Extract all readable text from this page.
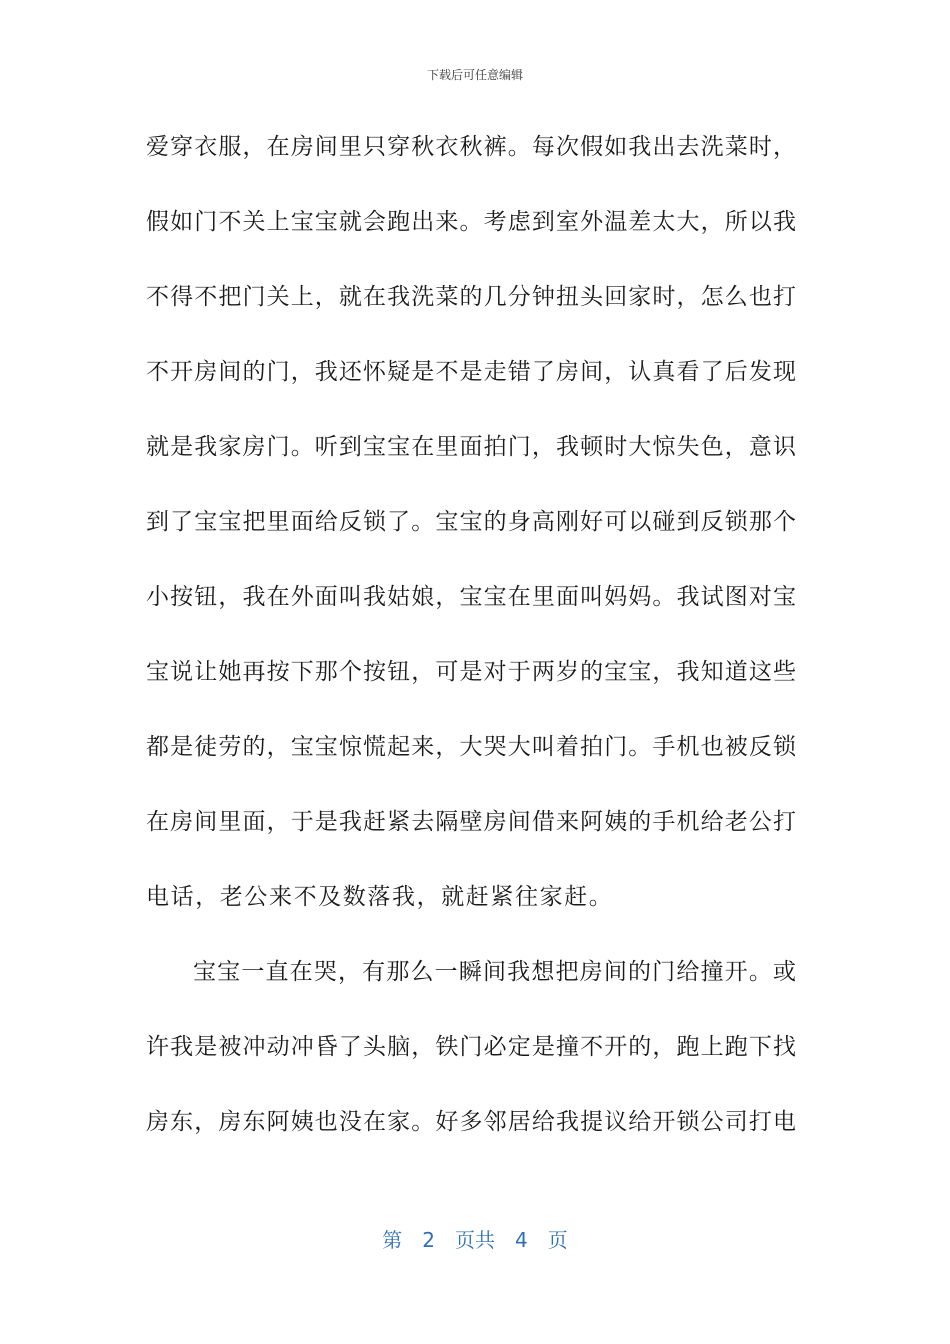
下载后可任意编辑
爱穿衣服，在房间里只穿秋衣秋裤。每次假如我出去洗菜时，
假如门不关上宝宝就会跑出来。考虑到室外温差太大，所以我
不得不把门关上，就在我洗菜的几分钟扭头回家时，怎么也打
不开房间的门，我还怀疑是不是走错了房间，认真看了后发现
就是我家房门。听到宝宝在里面拍门，我顿时大惊失色，意识
到了宝宝把里面给反锁了。宝宝的身高刚好可以碰到反锁那个
小按钮，我在外面叫我姑娘，宝宝在里面叫妈妈。我试图对宝
宝说让她再按下那个按钮，可是对于两岁的宝宝，我知道这些
都是徒劳的，宝宝惊慌起来，大哭大叫着拍门。手机也被反锁
在房间里面，于是我赶紧去隔壁房间借来阿姨的手机给老公打
电话，老公来不及数落我，就赶紧往家赶。
宝宝一直在哭，有那么一瞬间我想把房间的门给撞开。或
许我是被冲动冲昏了头脑，铁门必定是撞不开的，跑上跑下找
房东，房东阿姨也没在家。好多邻居给我提议给开锁公司打电
第 2 页共 4 页
